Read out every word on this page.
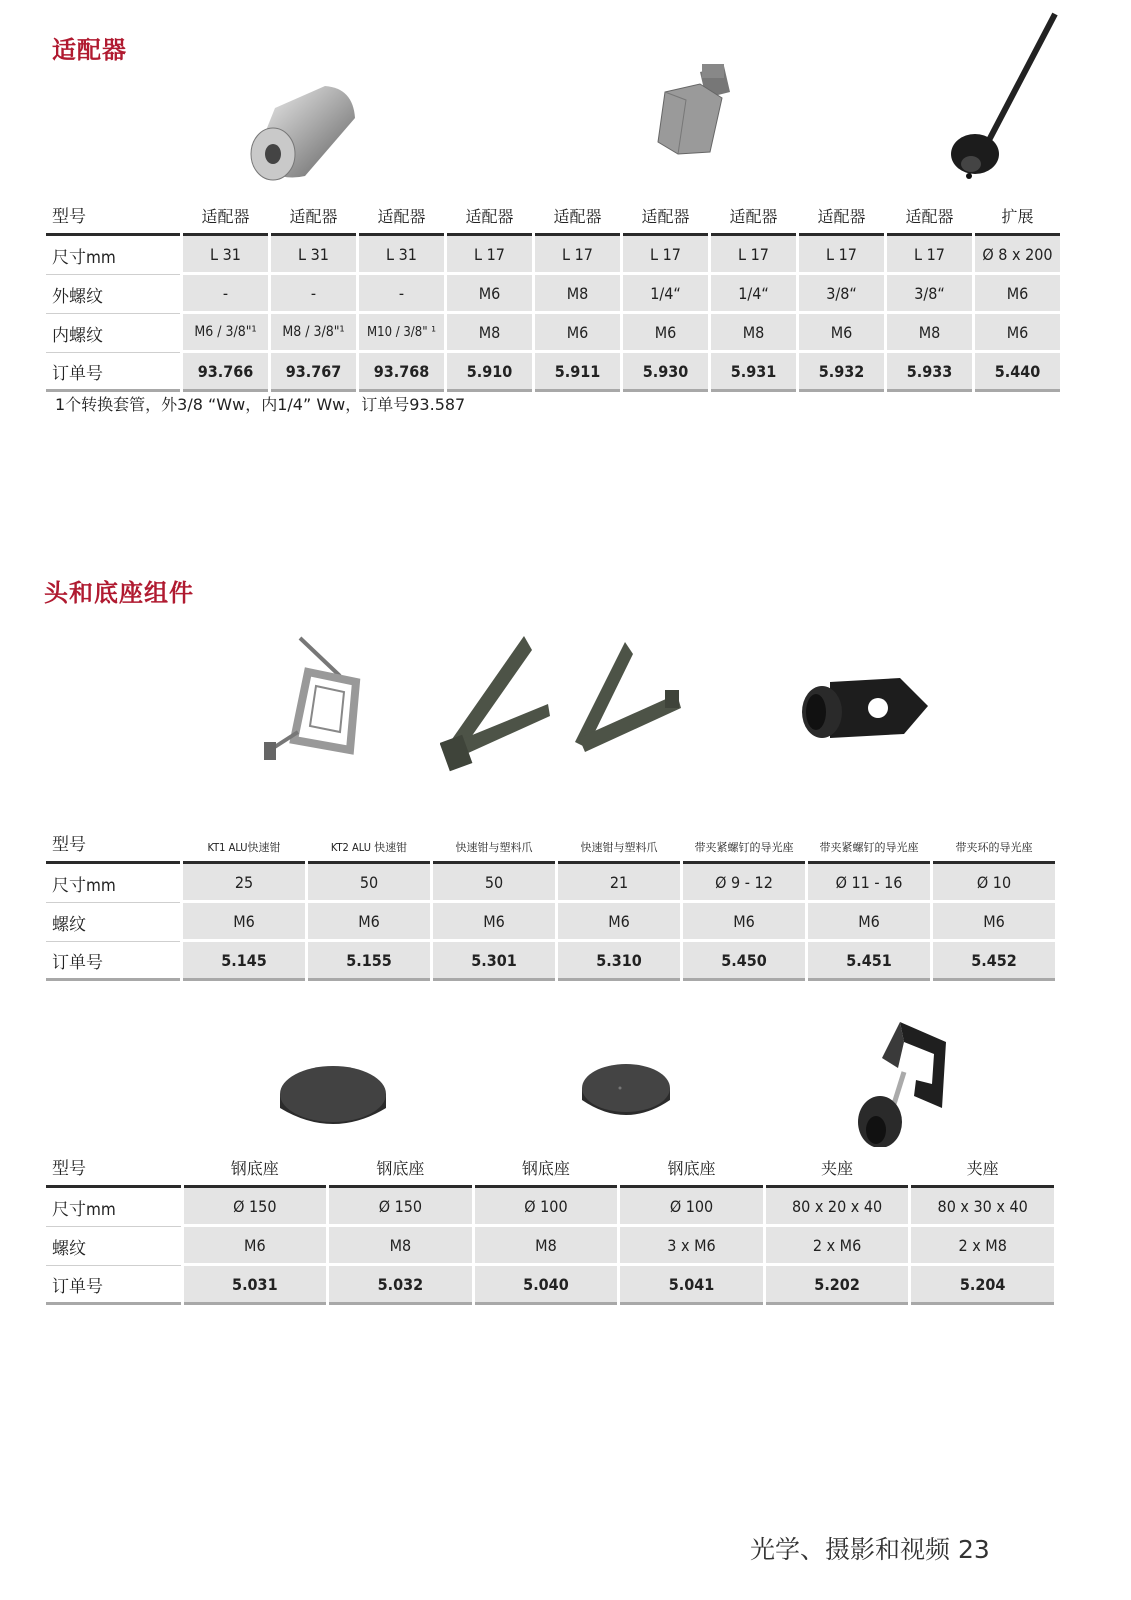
适配器
型号	适配器	适配器	适配器	适配器	适配器	适配器	适配器	适配器	适配器	扩展
尺寸mm	L 31	L 31	L 31	L 17	L 17	L 17	L 17	L 17	L 17	Ø 8 x 200
外螺纹	-	-	-	M6	M8	1/4“	1/4“	3/8“	3/8“	M6
内螺纹	M6 / 3/8"¹	M8 / 3/8"¹	M10 / 3/8" ¹	M8	M6	M6	M8	M6	M8	M6
订单号	93.766	93.767	93.768	5.910	5.911	5.930	5.931	5.932	5.933	5.440
1个转换套管，外3/8 “Ww，内1/4” Ww，订单号93.587
头和底座组件
型号	KT1 ALU快速钳	KT2 ALU 快速钳	快速钳与塑料爪	快速钳与塑料爪	带夹紧螺钉的导光座	带夹紧螺钉的导光座	带夹环的导光座
尺寸mm	25	50	50	21	Ø 9 - 12	Ø 11 - 16	Ø 10
螺纹	M6	M6	M6	M6	M6	M6	M6
订单号	5.145	5.155	5.301	5.310	5.450	5.451	5.452
型号	钢底座	钢底座	钢底座	钢底座	夹座	夹座
尺寸mm	Ø 150	Ø 150	Ø 100	Ø 100	80 x 20 x 40	80 x 30 x 40
螺纹	M6	M8	M8	3 x M6	2 x M6	2 x M8
订单号	5.031	5.032	5.040	5.041	5.202	5.204
光学、摄影和视频 23
